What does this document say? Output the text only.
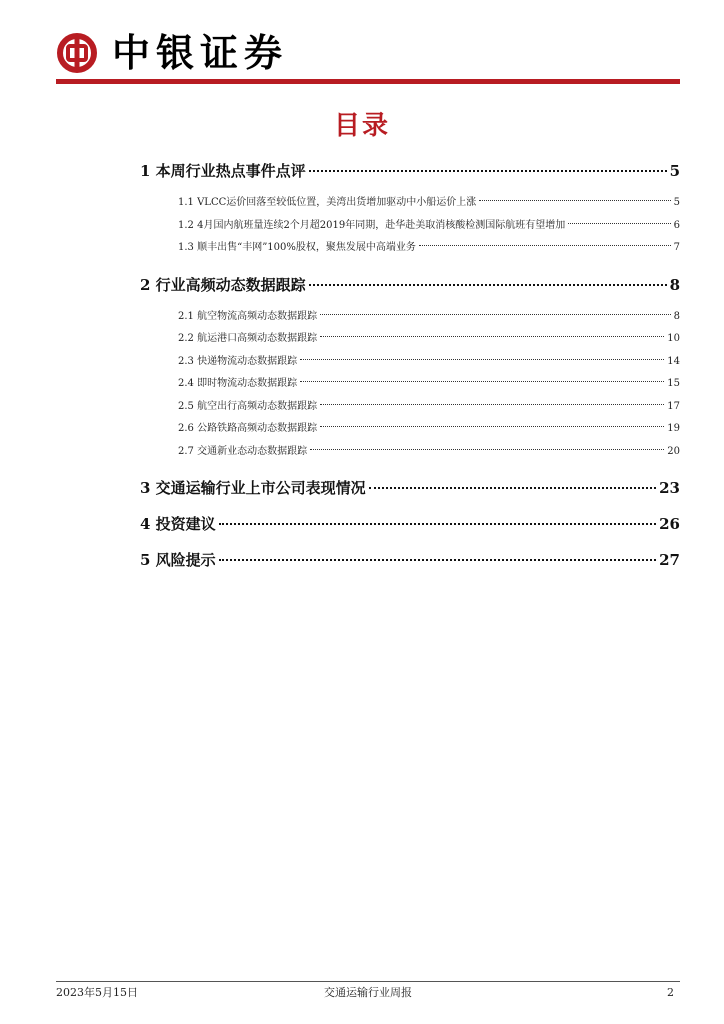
中银证券
目录
1 本周行业热点事件点评	5
1.1 VLCC运价回落至较低位置，美湾出货增加驱动中小船运价上涨	5
1.2 4月国内航班量连续2个月超2019年同期，赴华赴美取消核酸检测国际航班有望增加	6
1.3 顺丰出售“丰网”100%股权，聚焦发展中高端业务	7
2 行业高频动态数据跟踪	8
2.1 航空物流高频动态数据跟踪	8
2.2 航运港口高频动态数据跟踪	10
2.3 快递物流动态数据跟踪	14
2.4 即时物流动态数据跟踪	15
2.5 航空出行高频动态数据跟踪	17
2.6 公路铁路高频动态数据跟踪	19
2.7 交通新业态动态数据跟踪	20
3 交通运输行业上市公司表现情况	23
4 投资建议	26
5 风险提示	27
2023年5月15日	交通运输行业周报	2
